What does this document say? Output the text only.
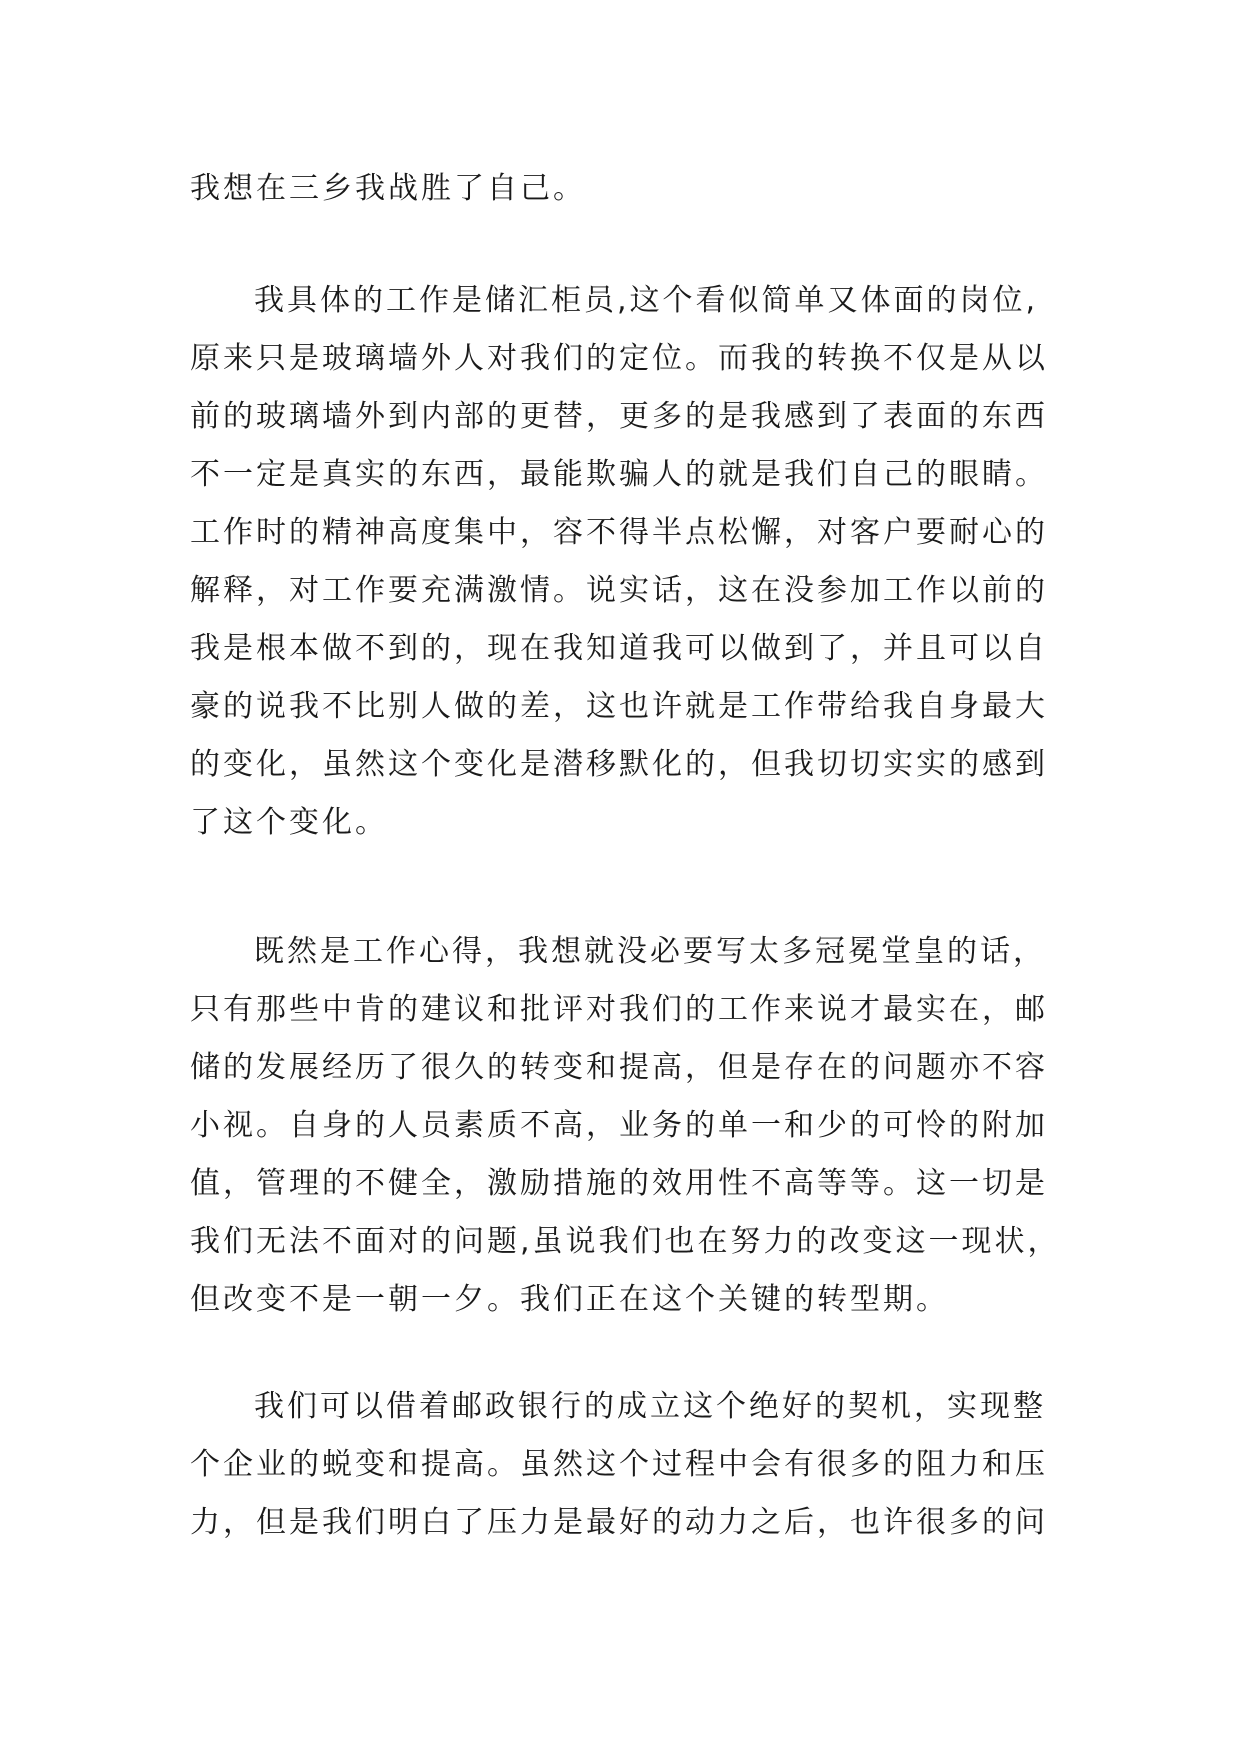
我想在三乡我战胜了自己。
我具体的工作是储汇柜员,这个看似简单又体面的岗位,
原来只是玻璃墙外人对我们的定位。而我的转换不仅是从以
前的玻璃墙外到内部的更替，更多的是我感到了表面的东西
不一定是真实的东西，最能欺骗人的就是我们自己的眼睛。
工作时的精神高度集中，容不得半点松懈，对客户要耐心的
解释，对工作要充满激情。说实话，这在没参加工作以前的
我是根本做不到的，现在我知道我可以做到了，并且可以自
豪的说我不比别人做的差，这也许就是工作带给我自身最大
的变化，虽然这个变化是潜移默化的，但我切切实实的感到
了这个变化。
既然是工作心得，我想就没必要写太多冠冕堂皇的话，
只有那些中肯的建议和批评对我们的工作来说才最实在，邮
储的发展经历了很久的转变和提高，但是存在的问题亦不容
小视。自身的人员素质不高，业务的单一和少的可怜的附加
值，管理的不健全，激励措施的效用性不高等等。这一切是
我们无法不面对的问题,虽说我们也在努力的改变这一现状，
但改变不是一朝一夕。我们正在这个关键的转型期。
我们可以借着邮政银行的成立这个绝好的契机，实现整
个企业的蜕变和提高。虽然这个过程中会有很多的阻力和压
力，但是我们明白了压力是最好的动力之后，也许很多的问
